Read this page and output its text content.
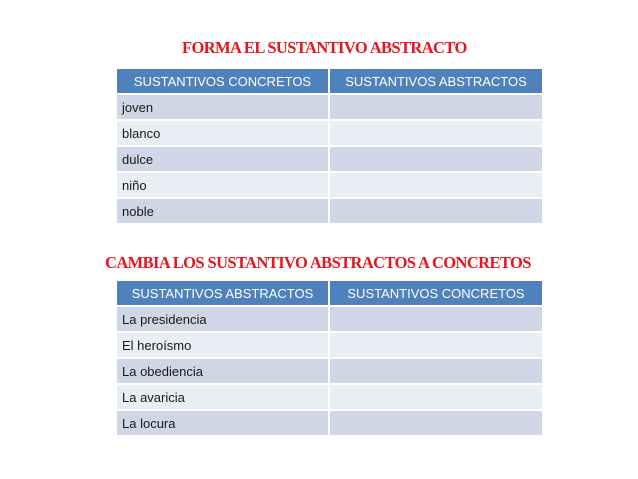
FORMA EL SUSTANTIVO ABSTRACTO
SUSTANTIVOS CONCRETOS	SUSTANTIVOS ABSTRACTOS
joven	
blanco	
dulce	
niño	
noble	
CAMBIA LOS SUSTANTIVO ABSTRACTOS A CONCRETOS
SUSTANTIVOS ABSTRACTOS	SUSTANTIVOS CONCRETOS
La presidencia	
El heroísmo	
La obediencia	
La avaricia	
La locura	
